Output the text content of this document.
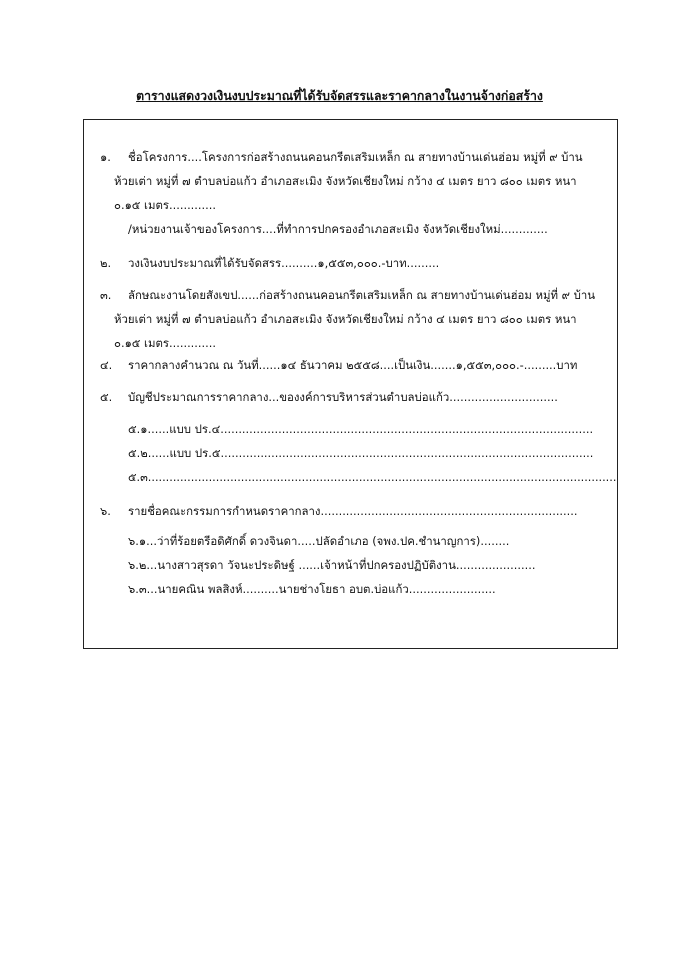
ตารางแสดงวงเงินงบประมาณที่ได้รับจัดสรรและราคากลางในงานจ้างก่อสร้าง
๑. ชื่อโครงการ....โครงการก่อสร้างถนนคอนกรีตเสริมเหล็ก ณ สายทางบ้านเด่นฮ่อม หมู่ที่ ๙ บ้าน
ห้วยเต่า หมู่ที่ ๗ ตำบลบ่อแก้ว อำเภอสะเมิง จังหวัดเชียงใหม่ กว้าง ๔ เมตร ยาว ๘๐๐ เมตร หนา
๐.๑๕ เมตร.............
/หน่วยงานเจ้าของโครงการ....ที่ทำการปกครองอำเภอสะเมิง จังหวัดเชียงใหม่.............
๒. วงเงินงบประมาณที่ได้รับจัดสรร..........๑,๕๕๓,๐๐๐.-บาท.........
๓. ลักษณะงานโดยสังเขป......ก่อสร้างถนนคอนกรีตเสริมเหล็ก ณ สายทางบ้านเด่นฮ่อม หมู่ที่ ๙ บ้าน
ห้วยเต่า หมู่ที่ ๗ ตำบลบ่อแก้ว อำเภอสะเมิง จังหวัดเชียงใหม่ กว้าง ๔ เมตร ยาว ๘๐๐ เมตร หนา
๐.๑๕ เมตร.............
๔. ราคากลางคำนวณ ณ วันที่......๑๔ ธันวาคม ๒๕๕๘....เป็นเงิน.......๑,๕๕๓,๐๐๐.-.........บาท
๕. บัญชีประมาณการราคากลาง...ของงค์การบริหารส่วนตำบลบ่อแก้ว..............................
๕.๑......แบบ ปร.๔.......................................................................................................
๕.๒......แบบ ปร.๕.......................................................................................................
๕.๓...................................................................................................................................
๖. รายชื่อคณะกรรมการกำหนดราคากลาง.......................................................................
๖.๑...ว่าที่ร้อยตรีอดิศักดิ์ ดวงจินดา.....ปลัดอำเภอ (จพง.ปค.ชำนาญการ)........
๖.๒...นางสาวสุรดา วัจนะประดิษฐ์ ......เจ้าหน้าที่ปกครองปฏิบัติงาน......................
๖.๓...นายคณิน พลสิงห์..........นายช่างโยธา อบต.บ่อแก้ว........................
